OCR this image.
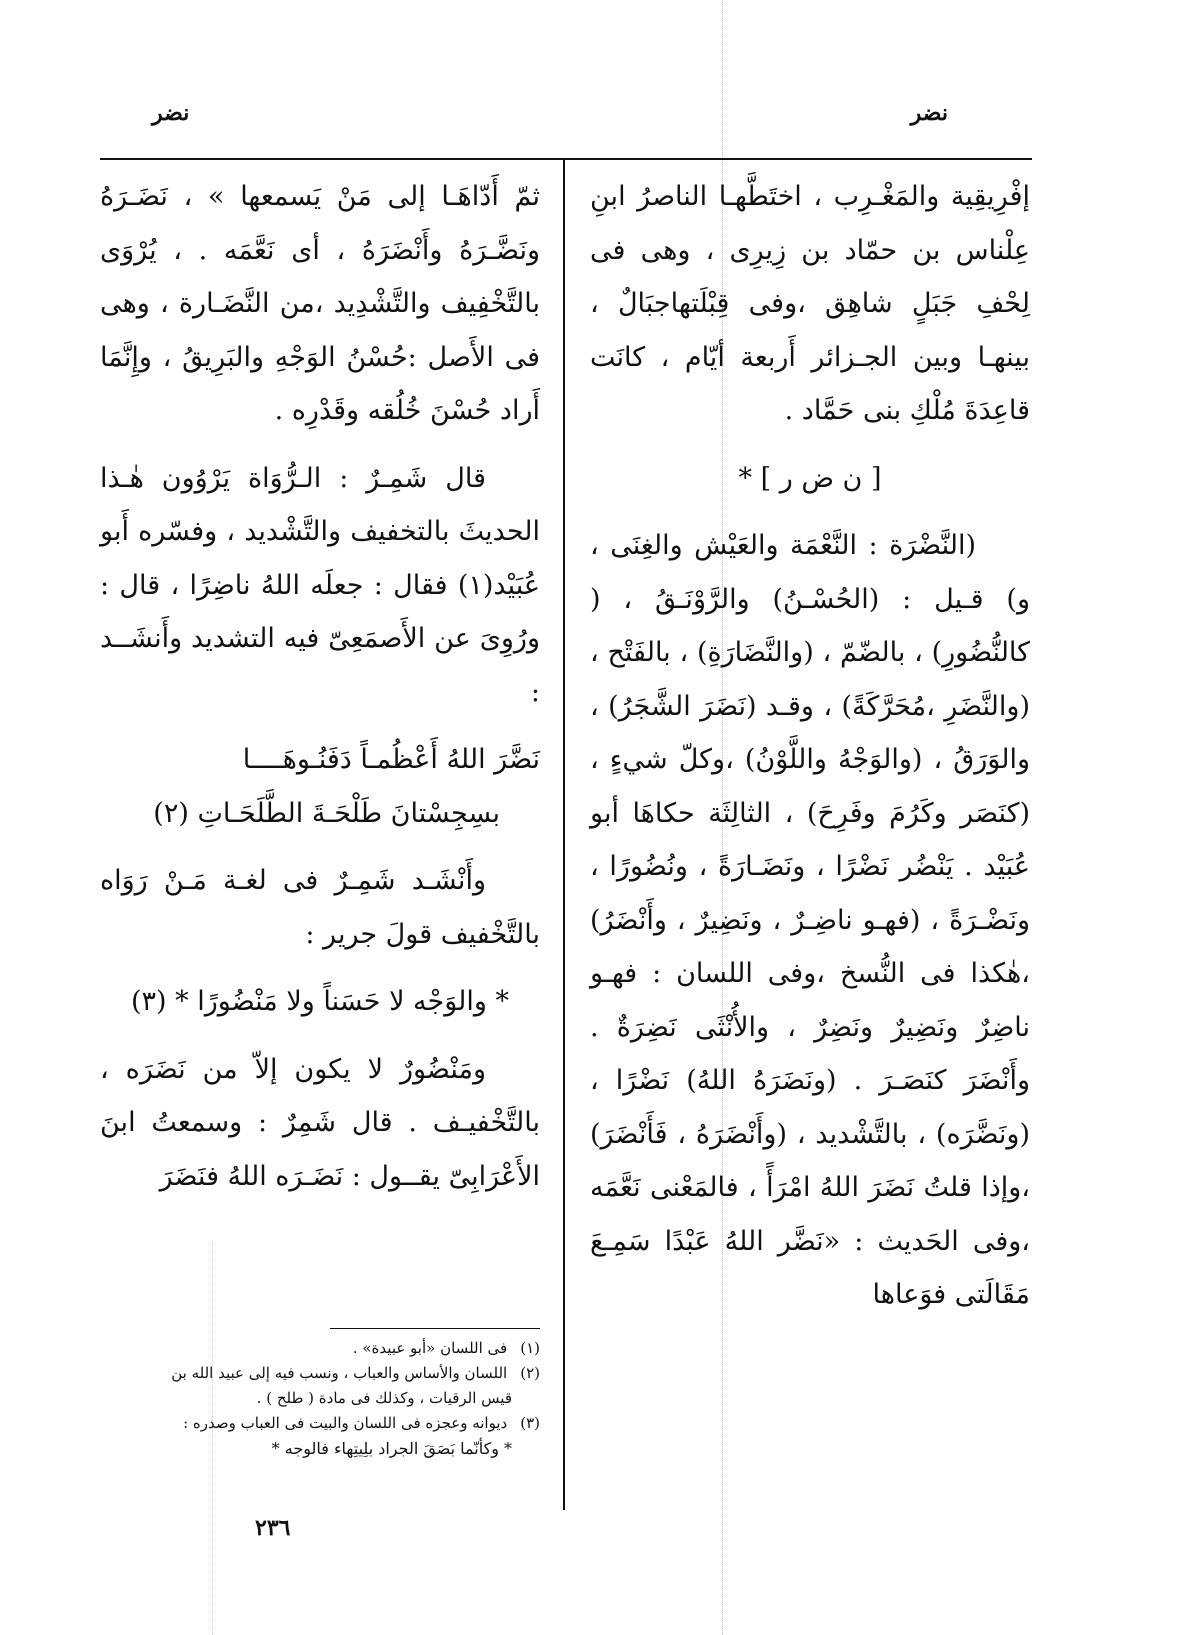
نضر
نضر

إفْرِيقِية والمَغْـرِب ، اختَطَّهـا الناصرُ ابنِ عِلْناس بن حمّاد بن زِيرِى ، وهى فى لِحْفِ جَبَلٍ شاهِق ،وفى قِبْلَتهاجبَالٌ ، بينهـا وبين الجـزائر أَربعة أيّام ، كانَت قاعِدَةَ مُلْكِ بنى حَمَّاد .

[ ن ض ر ] *

(النَّضْرَة : النَّعْمَة والعَيْش والغِنَى ، و) قـيل : (الحُسْـنُ) والرَّوْنَـقُ ، ( كالنُّضُورِ) ، بالضّمّ ، (والنَّضَارَةِ) ، بالفَتْح ، (والنَّضَرِ ،مُحَرَّكَةً) ، وقـد (نَضَرَ الشَّجَرُ) ، والوَرَقُ ، (والوَجْهُ واللَّوْنُ) ،وكلّ شيءٍ ، (كنَصَر وكَرُمَ وفَرِحَ) ، الثالِثَة حكاهَا أبو عُبَيْد . يَنْضُر نَضْرًا ، ونَضَـارَةً ، ونُضُورًا ، ونَضْـرَةً ، (فهـو ناضِـرٌ ، ونَضِيرٌ ، وأَنْضَرُ) ،هٰكذا فى النُّسخ ،وفى اللسان : فهـو ناضِرٌ ونَضِيرٌ ونَضِرٌ ، والأُنْثَى نَضِرَةٌ . وأَنْضَرَ كنَصَـرَ . (ونَضَرَهُ اللهُ) نَضْرًا ، (ونَضَّرَه) ، بالتَّشْديد ، (وأَنْضَرَهُ ، فَأَنْضَرَ) ،وإذا قلتُ نَضَرَ اللهُ امْرَأً ، فالمَعْنى نَعَّمَه ،وفى الحَديث : «نَضَّر اللهُ عَبْدًا سَمِـعَ مَقَالَتى فوَعاها

ثمّ أَدّاهَـا إلى مَنْ يَسمعها » ، نَضَـرَهُ ونَضَّـرَهُ وأَنْضَرَهُ ، أى نَعَّمَه . ، يُرْوَى بالتَّخْفِيف والتَّشْدِيد ،من النَّضَـارة ، وهى فى الأَصل :حُسْنُ الوَجْهِ والبَرِيقُ ، وإِنَّمَا أَراد حُسْنَ خُلُقه وقَدْرِه .

قال شَمِـرٌ : الـرُّوَاة يَرْوُون هٰـذا الحديثَ بالتخفيف والتَّشْديد ، وفسّره أَبو عُبَيْد(١) فقال : جعلَه اللهُ ناضِرًا ، قال : ورُوِىَ عن الأَصمَعِىّ فيه التشديد وأَنشَــد :

نَضَّرَ اللهُ أَعْظُمـاً دَفَنُـوهَــــا

بسِجِسْتانَ طَلْحَـةَ الطَّلَحَـاتِ (٢)

وأَنْشَـد شَمِـرٌ فى لغـة مَـنْ رَوَاه بالتَّخْفيف قولَ جرير :

* والوَجْه لا حَسَناً ولا مَنْضُورًا * (٣)

ومَنْضُورٌ لا يكون إلاّ من نَضَرَه ، بالتَّخْفيـف . قال شَمِرٌ : وسمعتُ ابنَ الأَعْرَابِىّ يقــول : نَضَـرَه اللهُ فنَضَرَ

(١) فى اللسان «أبو عبيدة» .
(٢) اللسان والأساس والعباب ، ونسب فيه إلى عبيد الله بن
قيس الرقيات ، وكذلك فى مادة ( طلح ) .
(٣) ديوانه وعجزه فى اللسان والبيت فى العباب وصدره :
* وكأنّما بَصَقَ الجراد بلِيتِهاء فالوجه *
٢٣٦
